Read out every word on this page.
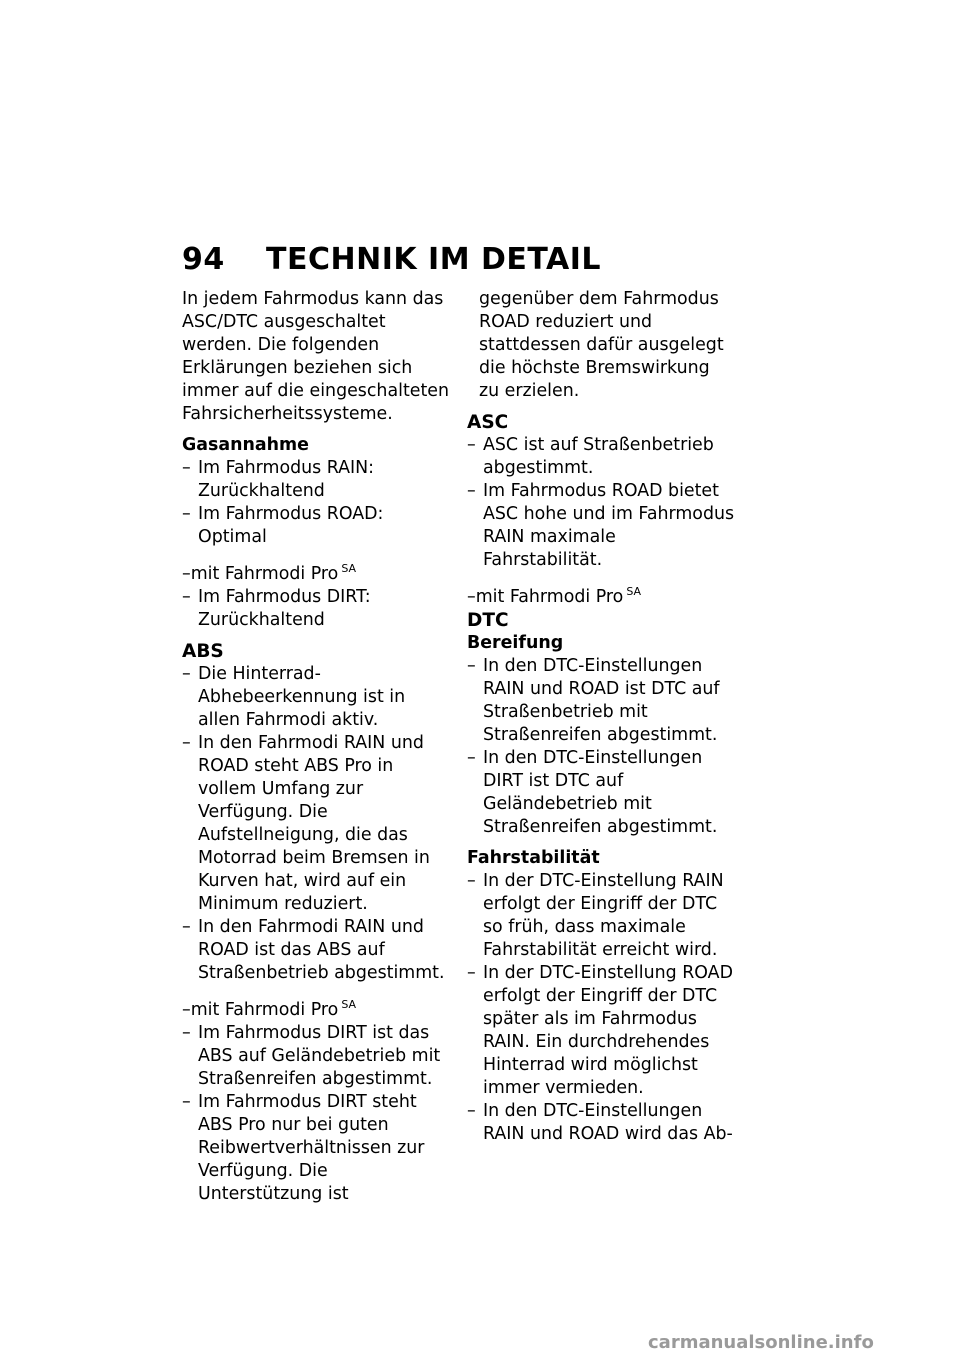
94 TECHNIK IM DETAIL

In jedem Fahrmodus kann das ASC/DTC ausgeschaltet werden. Die folgenden Erklärungen beziehen sich immer auf die eingeschalteten Fahrsicherheitssysteme.

Gasannahme

– Im Fahrmodus RAIN: Zurückhaltend

– Im Fahrmodus ROAD: Optimal

–mit Fahrmodi Pro $^{SA}$

– Im Fahrmodus DIRT: Zurückhaltend

ABS

– Die Hinterrad-Abhebeerkennung ist in allen Fahrmodi aktiv.

– In den Fahrmodi RAIN und ROAD steht ABS Pro in vollem Umfang zur Verfügung. Die Aufstellneigung, die das Motorrad beim Bremsen in Kurven hat, wird auf ein Minimum reduziert.

– In den Fahrmodi RAIN und ROAD ist das ABS auf Straßenbetrieb abgestimmt.

–mit Fahrmodi Pro $^{SA}$

– Im Fahrmodus DIRT ist das ABS auf Geländebetrieb mit Straßenreifen abgestimmt.

– Im Fahrmodus DIRT steht ABS Pro nur bei guten Reibwertverhältnissen zur Verfügung. Die Unterstützung ist

gegenüber dem Fahrmodus ROAD reduziert und stattdessen dafür ausgelegt die höchste Bremswirkung zu erzielen.

ASC

– ASC ist auf Straßenbetrieb abgestimmt.

– Im Fahrmodus ROAD bietet ASC hohe und im Fahrmodus RAIN maximale Fahrstabilität.

–mit Fahrmodi Pro $^{SA}$

DTC

Bereifung

– In den DTC-Einstellungen RAIN und ROAD ist DTC auf Straßenbetrieb mit Straßenreifen abgestimmt.

– In den DTC-Einstellungen DIRT ist DTC auf Geländebetrieb mit Straßenreifen abgestimmt.

Fahrstabilität

– In der DTC-Einstellung RAIN erfolgt der Eingriff der DTC so früh, dass maximale Fahrstabilität erreicht wird.

– In der DTC-Einstellung ROAD erfolgt der Eingriff der DTC später als im Fahrmodus RAIN. Ein durchdrehendes Hinterrad wird möglichst immer vermieden.

– In den DTC-Einstellungen RAIN und ROAD wird das Ab-

carmanualsonline.info
